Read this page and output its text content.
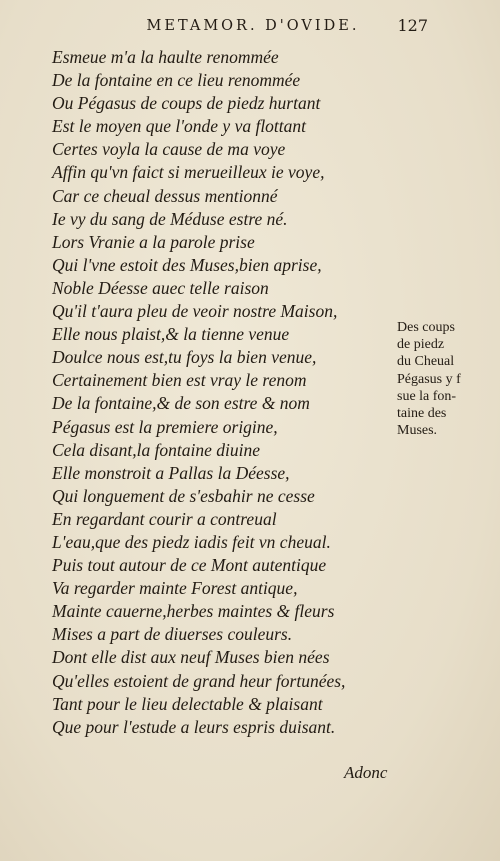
METAMOR. D'OVIDE.	127
Esmeue m'a la haulte renommée
De la fontaine en ce lieu renommée
Ou Pégasus de coups de piedz hurtant
Est le moyen que l'onde y va flottant
Certes voyla la cause de ma voye
Affin qu'vn faict si merueilleux ie voye,
Car ce cheual dessus mentionné
Ie vy du sang de Méduse estre né.
Lors Vranie a la parole prise
Qui l'vne estoit des Muses,bien aprise,
Noble Déesse auec telle raison
Qu'il t'aura pleu de veoir nostre Maison,
Elle nous plaist,& la tienne venue
Doulce nous est,tu foys la bien venue,
Certainement bien est vray le renom
De la fontaine,& de son estre & nom
Pégasus est la premiere origine,
Cela disant,la fontaine diuine
Elle monstroit a Pallas la Déesse,
Qui longuement de s'esbahir ne cesse
En regardant courir a contreual
L'eau,que des piedz iadis feit vn cheual.
Puis tout autour de ce Mont autentique
Va regarder mainte Forest antique,
Mainte cauerne,herbes maintes & fleurs
Mises a part de diuerses couleurs.
Dont elle dist aux neuf Muses bien nées
Qu'elles estoient de grand heur fortunées,
Tant pour le lieu delectable & plaisant
Que pour l'estude a leurs espris duisant.
Adonc
Des coups
de piedz
du Cheual
Pégasus y f
sue la fon-
taine des
Muses.
